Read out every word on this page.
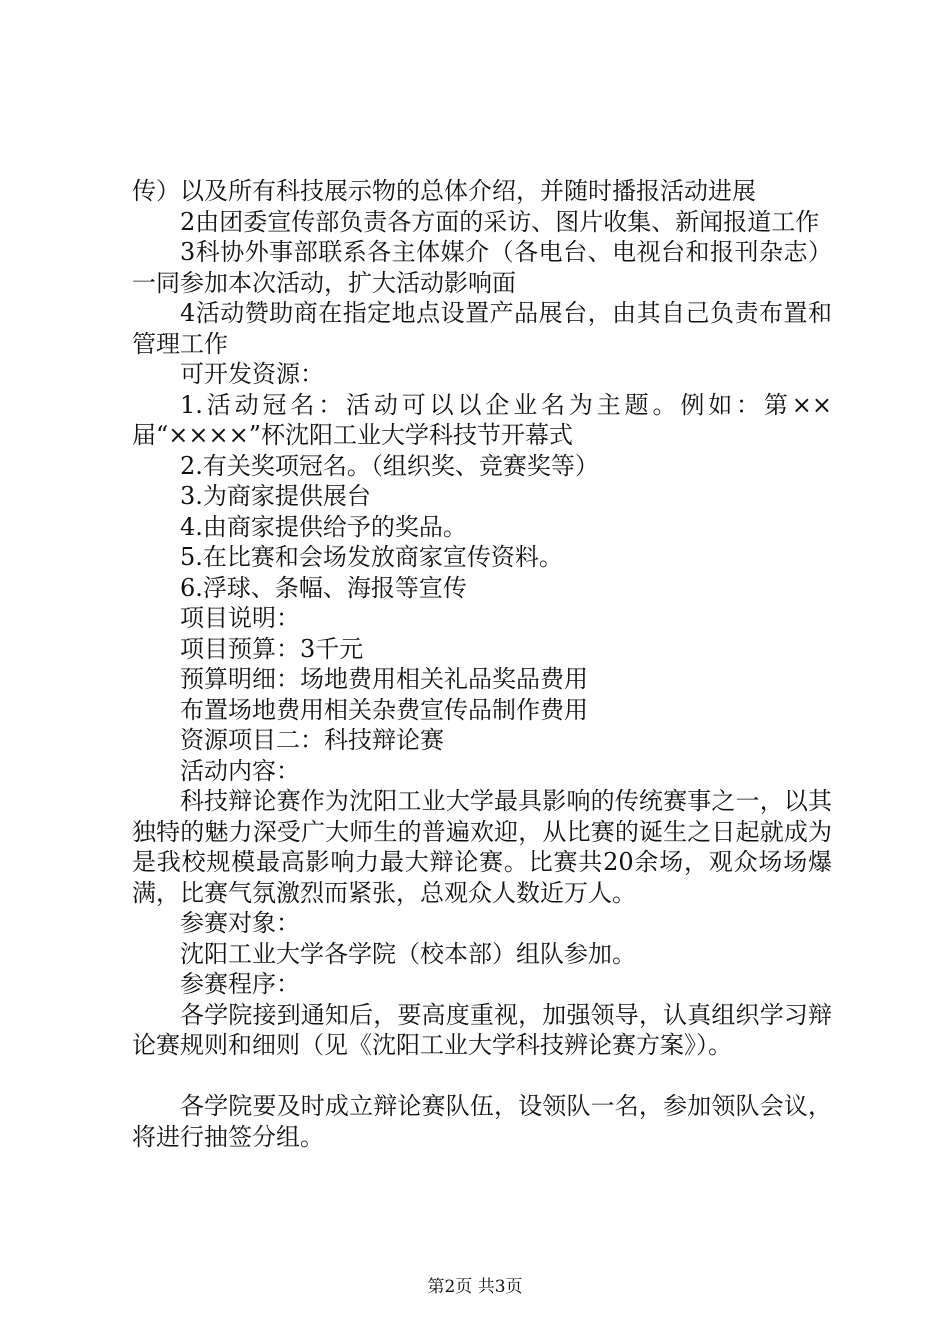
传）以及所有科技展示物的总体介绍，并随时播报活动进展

2由团委宣传部负责各方面的采访、图片收集、新闻报道工作

3科协外事部联系各主体媒介（各电台、电视台和报刊杂志）一同参加本次活动，扩大活动影响面

4活动赞助商在指定地点设置产品展台，由其自己负责布置和管理工作

可开发资源：

1.活动冠名：活动可以以企业名为主题。例如：第××届“××××”杯沈阳工业大学科技节开幕式

2.有关奖项冠名。（组织奖、竞赛奖等）

3.为商家提供展台

4.由商家提供给予的奖品。

5.在比赛和会场发放商家宣传资料。

6.浮球、条幅、海报等宣传

项目说明：

项目预算：3千元

预算明细：场地费用相关礼品奖品费用

布置场地费用相关杂费宣传品制作费用

资源项目二：科技辩论赛

活动内容：

科技辩论赛作为沈阳工业大学最具影响的传统赛事之一，以其独特的魅力深受广大师生的普遍欢迎，从比赛的诞生之日起就成为是我校规模最高影响力最大辩论赛。比赛共20余场，观众场场爆满，比赛气氛激烈而紧张，总观众人数近万人。

参赛对象：

沈阳工业大学各学院（校本部）组队参加。

参赛程序：

各学院接到通知后，要高度重视，加强领导，认真组织学习辩论赛规则和细则（见《沈阳工业大学科技辨论赛方案》）。

各学院要及时成立辩论赛队伍，设领队一名，参加领队会议，将进行抽签分组。

第2页 共3页
